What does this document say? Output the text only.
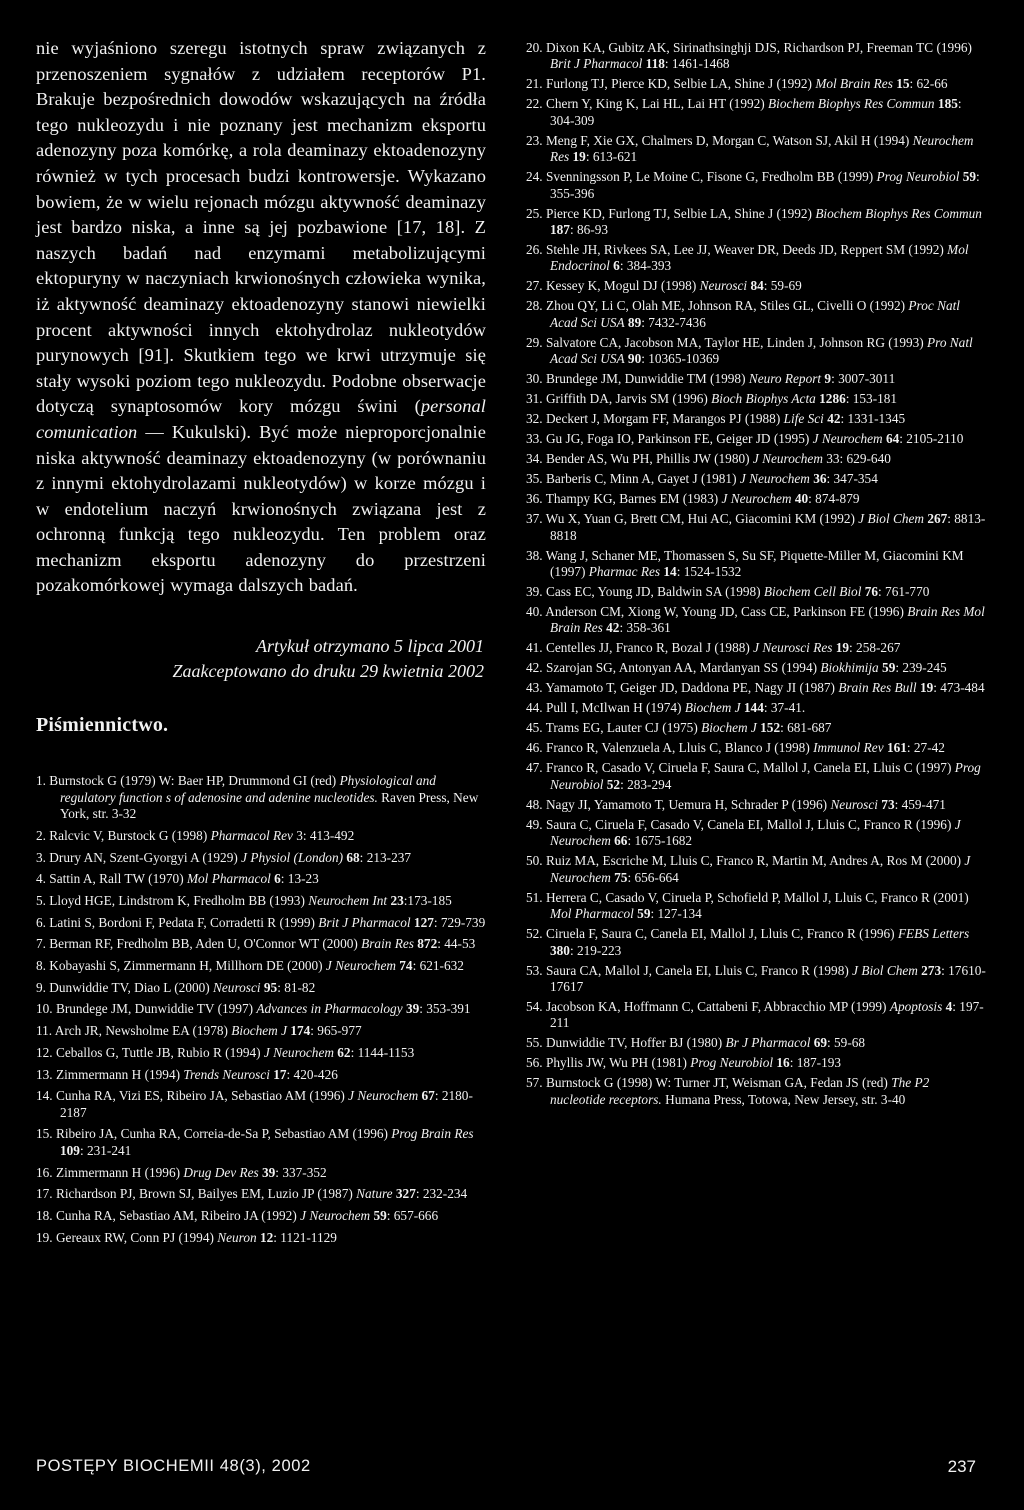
nie wyjaśniono szeregu istotnych spraw związanych z przenoszeniem sygnałów z udziałem receptorów P1. Brakuje bezpośrednich dowodów wskazujących na źródła tego nukleozydu i nie poznany jest mechanizm eksportu adenozyny poza komórkę, a rola deaminazy ektoadenozyny również w tych procesach budzi kontrowersje. Wykazano bowiem, że w wielu rejonach mózgu aktywność deaminazy jest bardzo niska, a inne są jej pozbawione [17, 18]. Z naszych badań nad enzymami metabolizującymi ektopuryny w naczyniach krwionośnych człowieka wynika, iż aktywność deaminazy ektoadenozyny stanowi niewielki procent aktywności innych ektohydrolaz nukleotydów purynowych [91]. Skutkiem tego we krwi utrzymuje się stały wysoki poziom tego nukleozydu. Podobne obserwacje dotyczą synaptosomów kory mózgu świni (personal comunication — Kukulski). Być może nieproporcjonalnie niska aktywność deaminazy ektoadenozyny (w porównaniu z innymi ektohydrolazami nukleotydów) w korze mózgu i w endotelium naczyń krwionośnych związana jest z ochronną funkcją tego nukleozydu. Ten problem oraz mechanizm eksportu adenozyny do przestrzeni pozakomórkowej wymaga dalszych badań.

Artykuł otrzymano 5 lipca 2001
Zaakceptowano do druku 29 kwietnia 2002
Piśmiennictwo.
1. Burnstock G (1979) W: Baer HP, Drummond GI (red) Physiological and regulatory function s of adenosine and adenine nucleotides. Raven Press, New York, str. 3-32
2. Ralcvic V, Burstock G (1998) Pharmacol Rev 3: 413-492
3. Drury AN, Szent-Gyorgyi A (1929) J Physiol (London) 68: 213-237
4. Sattin A, Rall TW (1970) Mol Pharmacol 6: 13-23
5. Lloyd HGE, Lindstrom K, Fredholm BB (1993) Neurochem Int 23:173-185
6. Latini S, Bordoni F, Pedata F, Corradetti R (1999) Brit J Pharmacol 127: 729-739
7. Berman RF, Fredholm BB, Aden U, O'Connor WT (2000) Brain Res 872: 44-53
8. Kobayashi S, Zimmermann H, Millhorn DE (2000) J Neurochem 74: 621-632
9. Dunwiddie TV, Diao L (2000) Neurosci 95: 81-82
10. Brundege JM, Dunwiddie TV (1997) Advances in Pharmacology 39: 353-391
11. Arch JR, Newsholme EA (1978) Biochem J 174: 965-977
12. Ceballos G, Tuttle JB, Rubio R (1994) J Neurochem 62: 1144-1153
13. Zimmermann H (1994) Trends Neurosci 17: 420-426
14. Cunha RA, Vizi ES, Ribeiro JA, Sebastiao AM (1996) J Neurochem 67: 2180-2187
15. Ribeiro JA, Cunha RA, Correia-de-Sa P, Sebastiao AM (1996) Prog Brain Res 109: 231-241
16. Zimmermann H (1996) Drug Dev Res 39: 337-352
17. Richardson PJ, Brown SJ, Bailyes EM, Luzio JP (1987) Nature 327: 232-234
18. Cunha RA, Sebastiao AM, Ribeiro JA (1992) J Neurochem 59: 657-666
19. Gereaux RW, Conn PJ (1994) Neuron 12: 1121-1129
20. Dixon KA, Gubitz AK, Sirinathsinghji DJS, Richardson PJ, Freeman TC (1996) Brit J Pharmacol 118: 1461-1468
21. Furlong TJ, Pierce KD, Selbie LA, Shine J (1992) Mol Brain Res 15: 62-66
22. Chern Y, King K, Lai HL, Lai HT (1992) Biochem Biophys Res Commun 185: 304-309
23. Meng F, Xie GX, Chalmers D, Morgan C, Watson SJ, Akil H (1994) Neurochem Res 19: 613-621
24. Svenningsson P, Le Moine C, Fisone G, Fredholm BB (1999) Prog Neurobiol 59: 355-396
25. Pierce KD, Furlong TJ, Selbie LA, Shine J (1992) Biochem Biophys Res Commun 187: 86-93
26. Stehle JH, Rivkees SA, Lee JJ, Weaver DR, Deeds JD, Reppert SM (1992) Mol Endocrinol 6: 384-393
27. Kessey K, Mogul DJ (1998) Neurosci 84: 59-69
28. Zhou QY, Li C, Olah ME, Johnson RA, Stiles GL, Civelli O (1992) Proc Natl Acad Sci USA 89: 7432-7436
29. Salvatore CA, Jacobson MA, Taylor HE, Linden J, Johnson RG (1993) Pro Natl Acad Sci USA 90: 10365-10369
30. Brundege JM, Dunwiddie TM (1998) Neuro Report 9: 3007-3011
31. Griffith DA, Jarvis SM (1996) Bioch Biophys Acta 1286: 153-181
32. Deckert J, Morgam FF, Marangos PJ (1988) Life Sci 42: 1331-1345
33. Gu JG, Foga IO, Parkinson FE, Geiger JD (1995) J Neurochem 64: 2105-2110
34. Bender AS, Wu PH, Phillis JW (1980) J Neurochem 33: 629-640
35. Barberis C, Minn A, Gayet J (1981) J Neurochem 36: 347-354
36. Thampy KG, Barnes EM (1983) J Neurochem 40: 874-879
37. Wu X, Yuan G, Brett CM, Hui AC, Giacomini KM (1992) J Biol Chem 267: 8813-8818
38. Wang J, Schaner ME, Thomassen S, Su SF, Piquette-Miller M, Giacomini KM (1997) Pharmac Res 14: 1524-1532
39. Cass EC, Young JD, Baldwin SA (1998) Biochem Cell Biol 76: 761-770
40. Anderson CM, Xiong W, Young JD, Cass CE, Parkinson FE (1996) Brain Res Mol Brain Res 42: 358-361
41. Centelles JJ, Franco R, Bozal J (1988) J Neurosci Res 19: 258-267
42. Szarojan SG, Antonyan AA, Mardanyan SS (1994) Biokhimija 59: 239-245
43. Yamamoto T, Geiger JD, Daddona PE, Nagy JI (1987) Brain Res Bull 19: 473-484
44. Pull I, McIlwan H (1974) Biochem J 144: 37-41.
45. Trams EG, Lauter CJ (1975) Biochem J 152: 681-687
46. Franco R, Valenzuela A, Lluis C, Blanco J (1998) Immunol Rev 161: 27-42
47. Franco R, Casado V, Ciruela F, Saura C, Mallol J, Canela EI, Lluis C (1997) Prog Neurobiol 52: 283-294
48. Nagy JI, Yamamoto T, Uemura H, Schrader P (1996) Neurosci 73: 459-471
49. Saura C, Ciruela F, Casado V, Canela EI, Mallol J, Lluis C, Franco R (1996) J Neurochem 66: 1675-1682
50. Ruiz MA, Escriche M, Lluis C, Franco R, Martin M, Andres A, Ros M (2000) J Neurochem 75: 656-664
51. Herrera C, Casado V, Ciruela P, Schofield P, Mallol J, Lluis C, Franco R (2001) Mol Pharmacol 59: 127-134
52. Ciruela F, Saura C, Canela EI, Mallol J, Lluis C, Franco R (1996) FEBS Letters 380: 219-223
53. Saura CA, Mallol J, Canela EI, Lluis C, Franco R (1998) J Biol Chem 273: 17610-17617
54. Jacobson KA, Hoffmann C, Cattabeni F, Abbracchio MP (1999) Apoptosis 4: 197-211
55. Dunwiddie TV, Hoffer BJ (1980) Br J Pharmacol 69: 59-68
56. Phyllis JW, Wu PH (1981) Prog Neurobiol 16: 187-193
57. Burnstock G (1998) W: Turner JT, Weisman GA, Fedan JS (red) The P2 nucleotide receptors. Humana Press, Totowa, New Jersey, str. 3-40
POSTĘPY BIOCHEMII 48(3), 2002	237
